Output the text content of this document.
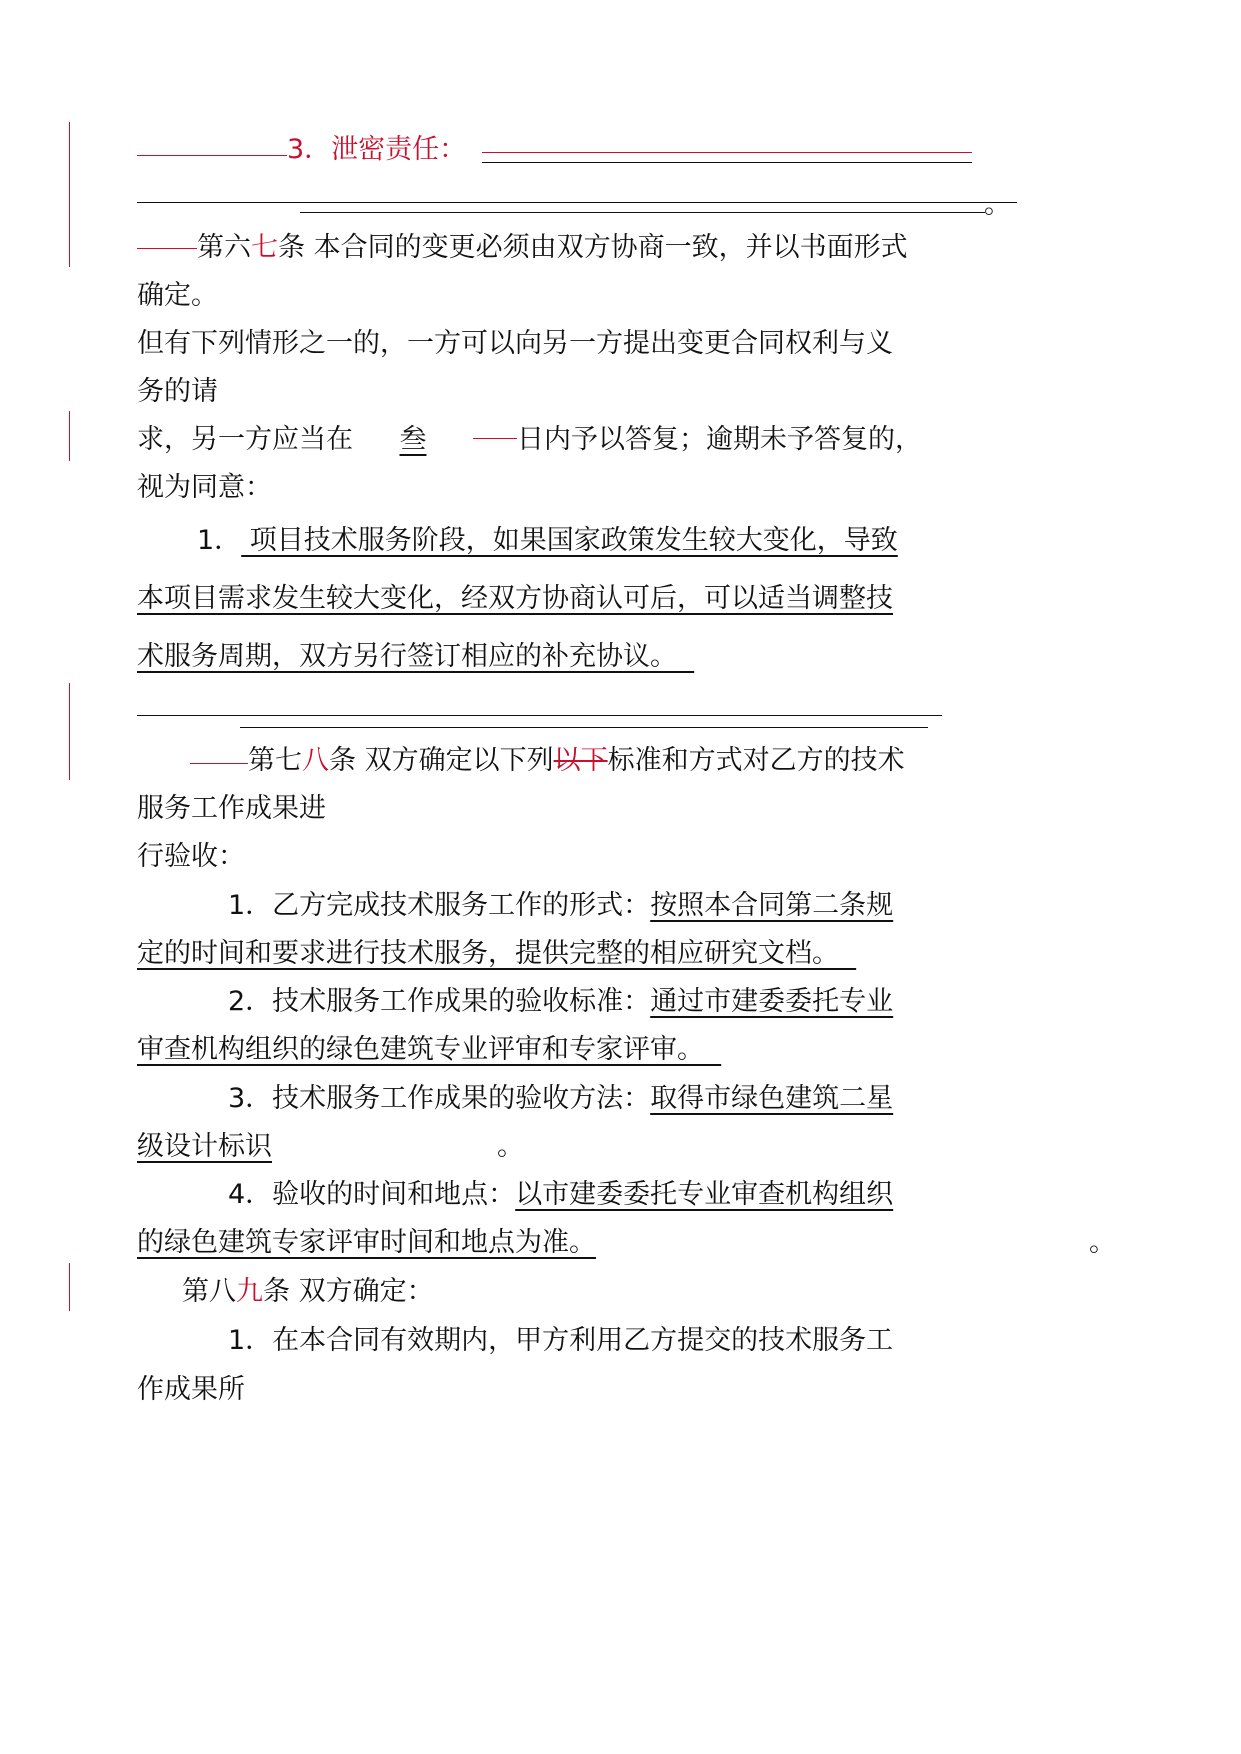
3．泄密责任：
。
第六七条 本合同的变更必须由双方协商一致，并以书面形式
确定。
但有下列情形之一的，一方可以向另一方提出变更合同权利与义
务的请
求，另一方应当在 叁	日内予以答复；逾期未予答复的，
视为同意：
1． 项目技术服务阶段，如果国家政策发生较大变化，导致
本项目需求发生较大变化，经双方协商认可后，可以适当调整技
术服务周期，双方另行签订相应的补充协议。
第七八条 双方确定以下列以下标准和方式对乙方的技术
服务工作成果进
行验收：
1．乙方完成技术服务工作的形式：按照本合同第二条规
定的时间和要求进行技术服务，提供完整的相应研究文档。
2．技术服务工作成果的验收标准：通过市建委委托专业
审查机构组织的绿色建筑专业评审和专家评审。
3．技术服务工作成果的验收方法：取得市绿色建筑二星
级设计标识	。
4．验收的时间和地点：以市建委委托专业审查机构组织
的绿色建筑专家评审时间和地点为准。	。
第八九条 双方确定：
1．在本合同有效期内，甲方利用乙方提交的技术服务工
作成果所
